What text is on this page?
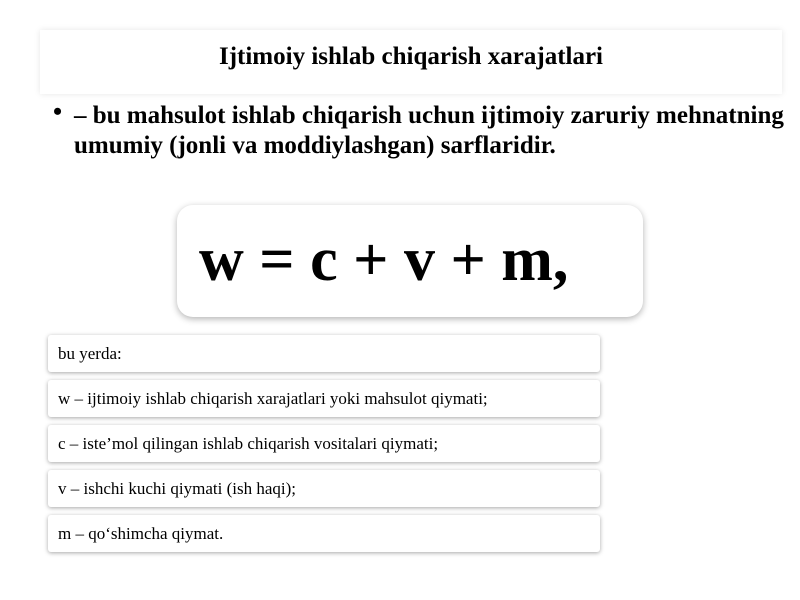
Ijtimoiy ishlab chiqarish xarajatlari
• – bu mahsulot ishlab chiqarish uchun ijtimoiy zaruriy mehnatning umumiy (jonli va moddiylashgan) sarflaridir.
w = c + v + m,
bu yerda:
w – ijtimoiy ishlab chiqarish xarajatlari yoki mahsulot qiymati;
c – iste’mol qilingan ishlab chiqarish vositalari qiymati;
v – ishchi kuchi qiymati (ish haqi);
m – qo‘shimcha qiymat.
